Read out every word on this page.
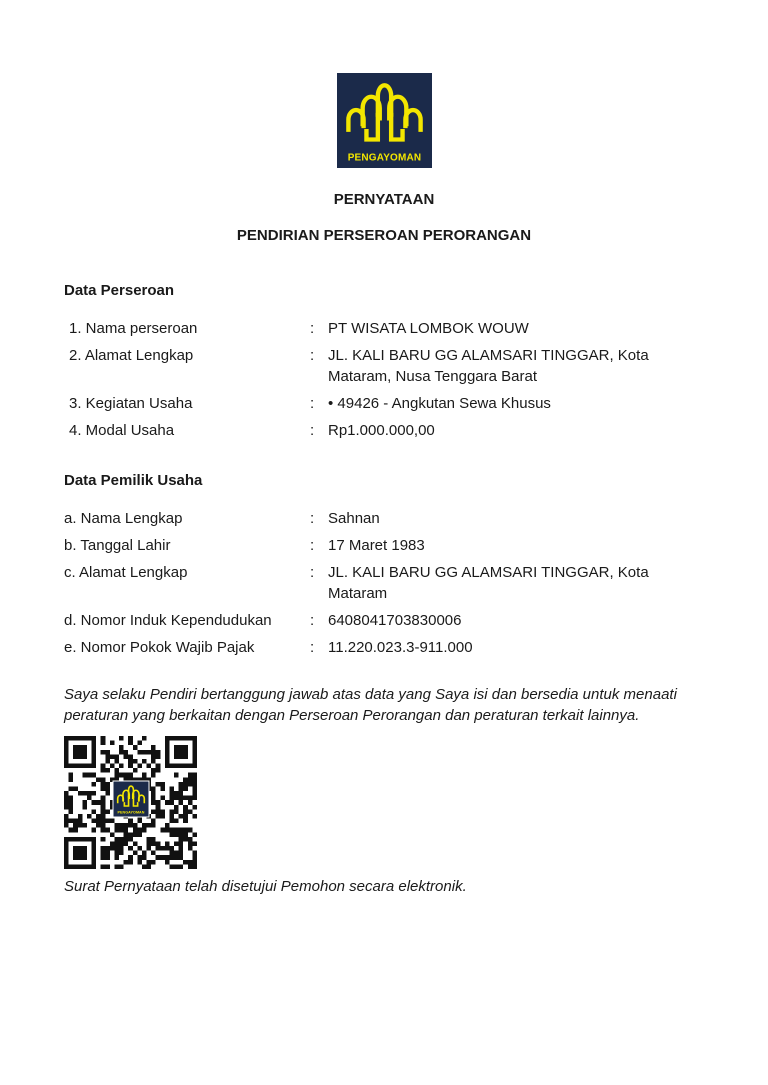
PERNYATAAN
PENDIRIAN PERSEROAN PERORANGAN
Data Perseroan
1. Nama perseroan	: PT WISATA LOMBOK WOUW
2. Alamat Lengkap	: JL. KALI BARU GG ALAMSARI TINGGAR, Kota Mataram, Nusa Tenggara Barat
3. Kegiatan Usaha	: • 49426 - Angkutan Sewa Khusus
4. Modal Usaha	: Rp1.000.000,00
Data Pemilik Usaha
a. Nama Lengkap	: Sahnan
b. Tanggal Lahir	: 17 Maret 1983
c. Alamat Lengkap	: JL. KALI BARU GG ALAMSARI TINGGAR, Kota Mataram
d. Nomor Induk Kependudukan	: 6408041703830006
e. Nomor Pokok Wajib Pajak	: 11.220.023.3-911.000
Saya selaku Pendiri bertanggung jawab atas data yang Saya isi dan bersedia untuk menaati peraturan yang berkaitan dengan Perseroan Perorangan dan peraturan terkait lainnya.
Surat Pernyataan telah disetujui Pemohon secara elektronik.
